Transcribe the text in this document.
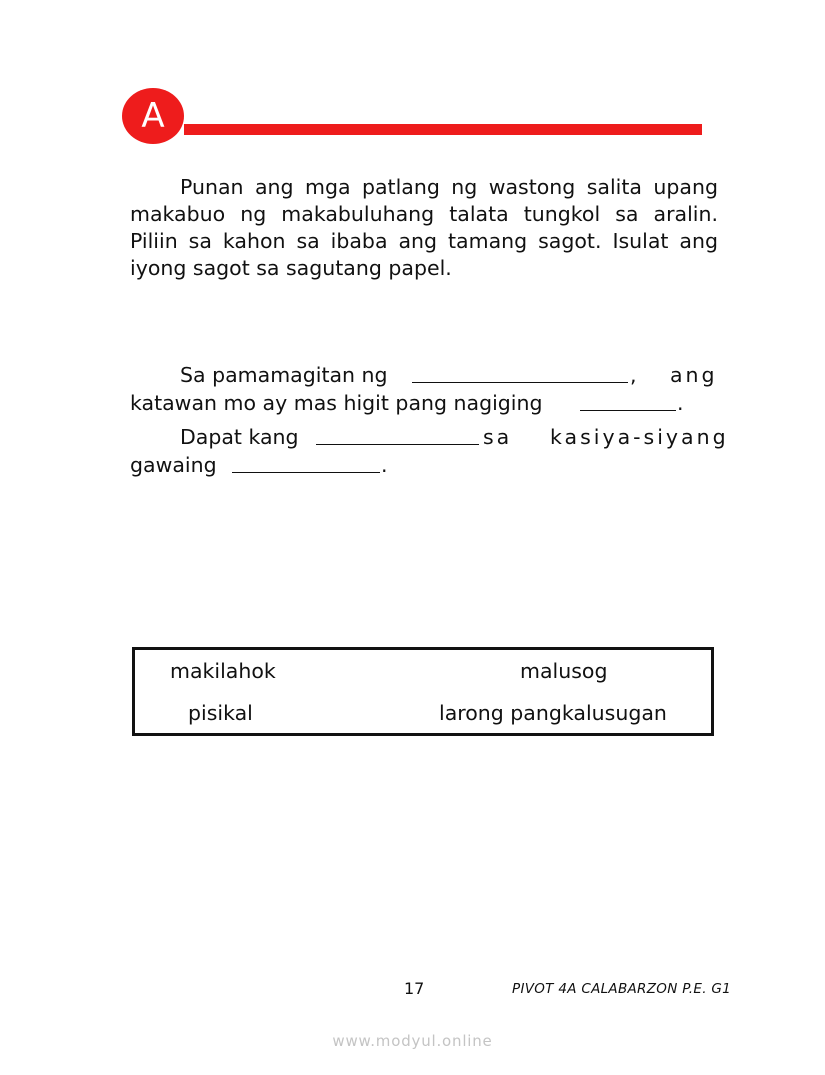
A

Punan ang mga patlang ng wastong salita upang makabuo ng makabuluhang talata tungkol sa aralin. Piliin sa kahon sa ibaba ang tamang sagot. Isulat ang iyong sagot sa sagutang papel.

Sa pamamagitan ng	, ang
katawan mo ay mas higit pang nagiging	.
Dapat kang	sa kasiya-siyang
gawaing	.
makilahok	malusog
pisikal	larong pangkalusugan
17	PIVOT 4A CALABARZON P.E. G1
www.modyul.online
